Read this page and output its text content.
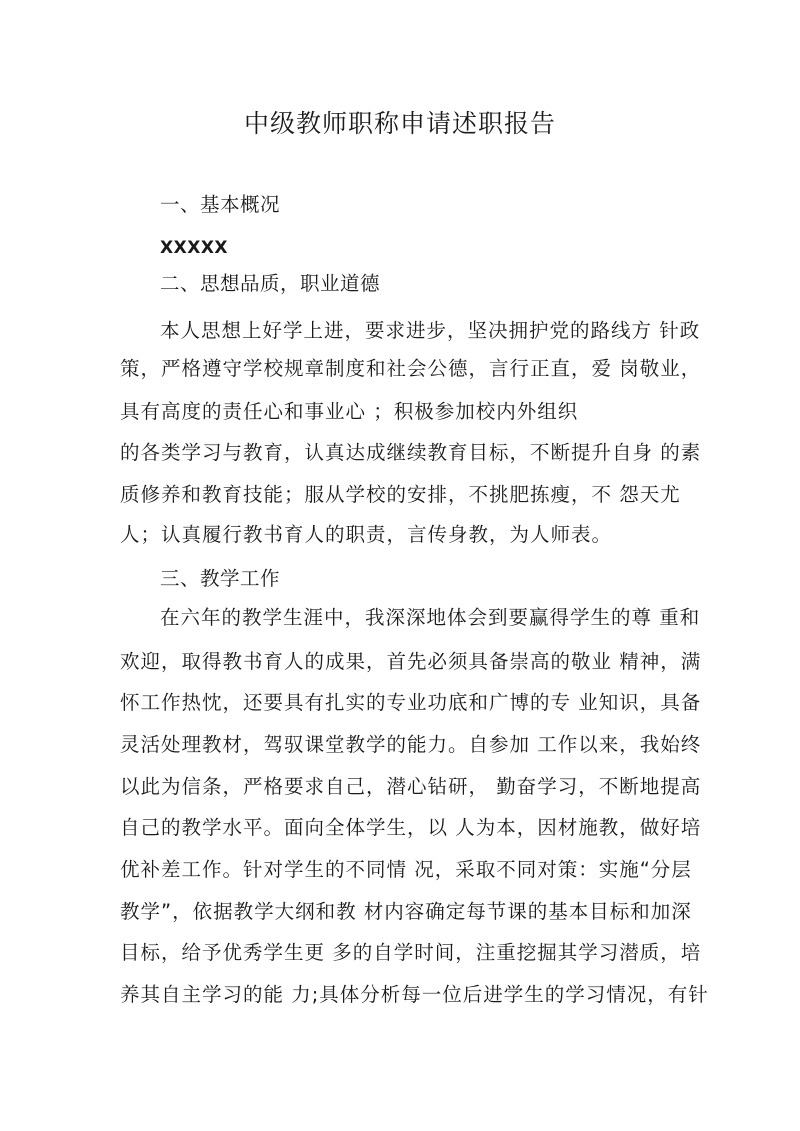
中级教师职称申请述职报告
一、基本概况
XXXXX
二、思想品质，职业道德
本人思想上好学上进，要求进步，坚决拥护党的路线方 针政
策，严格遵守学校规章制度和社会公德，言行正直，爱 岗敬业，
具有高度的责任心和事业心 ；积极参加校内外组织
的各类学习与教育，认真达成继续教育目标，不断提升自身 的素
质修养和教育技能；服从学校的安排，不挑肥拣瘦，不 怨天尤
人；认真履行教书育人的职责，言传身教，为人师表。
三、教学工作
在六年的教学生涯中，我深深地体会到要赢得学生的尊 重和
欢迎，取得教书育人的成果，首先必须具备崇高的敬业 精神，满
怀工作热忱，还要具有扎实的专业功底和广博的专 业知识，具备
灵活处理教材，驾驭课堂教学的能力。自参加 工作以来，我始终
以此为信条，严格要求自己，潜心钻研， 勤奋学习，不断地提高
自己的教学水平。面向全体学生，以 人为本，因材施教，做好培
优补差工作。针对学生的不同情 况，采取不同对策：实施“分层
教学”，依据教学大纲和教 材内容确定每节课的基本目标和加深
目标，给予优秀学生更 多的自学时间，注重挖掘其学习潜质，培
养其自主学习的能 力;具体分析每一位后进学生的学习情况，有针
